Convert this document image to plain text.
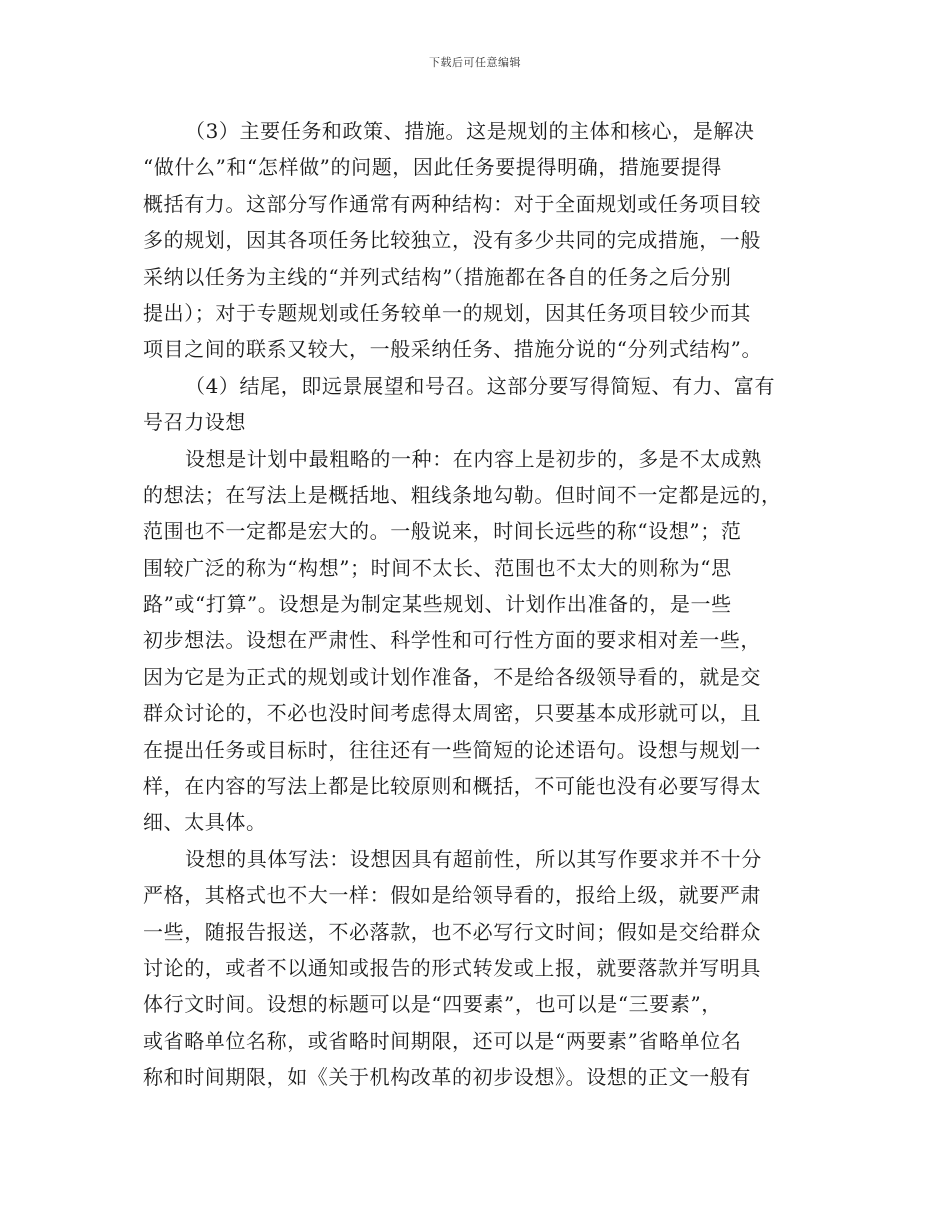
下载后可任意编辑
（3）主要任务和政策、措施。这是规划的主体和核心，是解决
“做什么”和“怎样做”的问题，因此任务要提得明确，措施要提得
概括有力。这部分写作通常有两种结构：对于全面规划或任务项目较
多的规划，因其各项任务比较独立，没有多少共同的完成措施，一般
采纳以任务为主线的“并列式结构”（措施都在各自的任务之后分别
提出）；对于专题规划或任务较单一的规划，因其任务项目较少而其
项目之间的联系又较大，一般采纳任务、措施分说的“分列式结构”。
（4）结尾，即远景展望和号召。这部分要写得简短、有力、富有
号召力设想
设想是计划中最粗略的一种：在内容上是初步的，多是不太成熟
的想法；在写法上是概括地、粗线条地勾勒。但时间不一定都是远的，
范围也不一定都是宏大的。一般说来，时间长远些的称“设想”；范
围较广泛的称为“构想”；时间不太长、范围也不太大的则称为“思
路”或“打算”。设想是为制定某些规划、计划作出准备的，是一些
初步想法。设想在严肃性、科学性和可行性方面的要求相对差一些，
因为它是为正式的规划或计划作准备，不是给各级领导看的，就是交
群众讨论的，不必也没时间考虑得太周密，只要基本成形就可以，且
在提出任务或目标时，往往还有一些简短的论述语句。设想与规划一
样，在内容的写法上都是比较原则和概括，不可能也没有必要写得太
细、太具体。
设想的具体写法：设想因具有超前性，所以其写作要求并不十分
严格，其格式也不大一样：假如是给领导看的，报给上级，就要严肃
一些，随报告报送，不必落款，也不必写行文时间；假如是交给群众
讨论的，或者不以通知或报告的形式转发或上报，就要落款并写明具
体行文时间。设想的标题可以是“四要素”，也可以是“三要素”，
或省略单位名称，或省略时间期限，还可以是“两要素”省略单位名
称和时间期限，如《关于机构改革的初步设想》。设想的正文一般有
